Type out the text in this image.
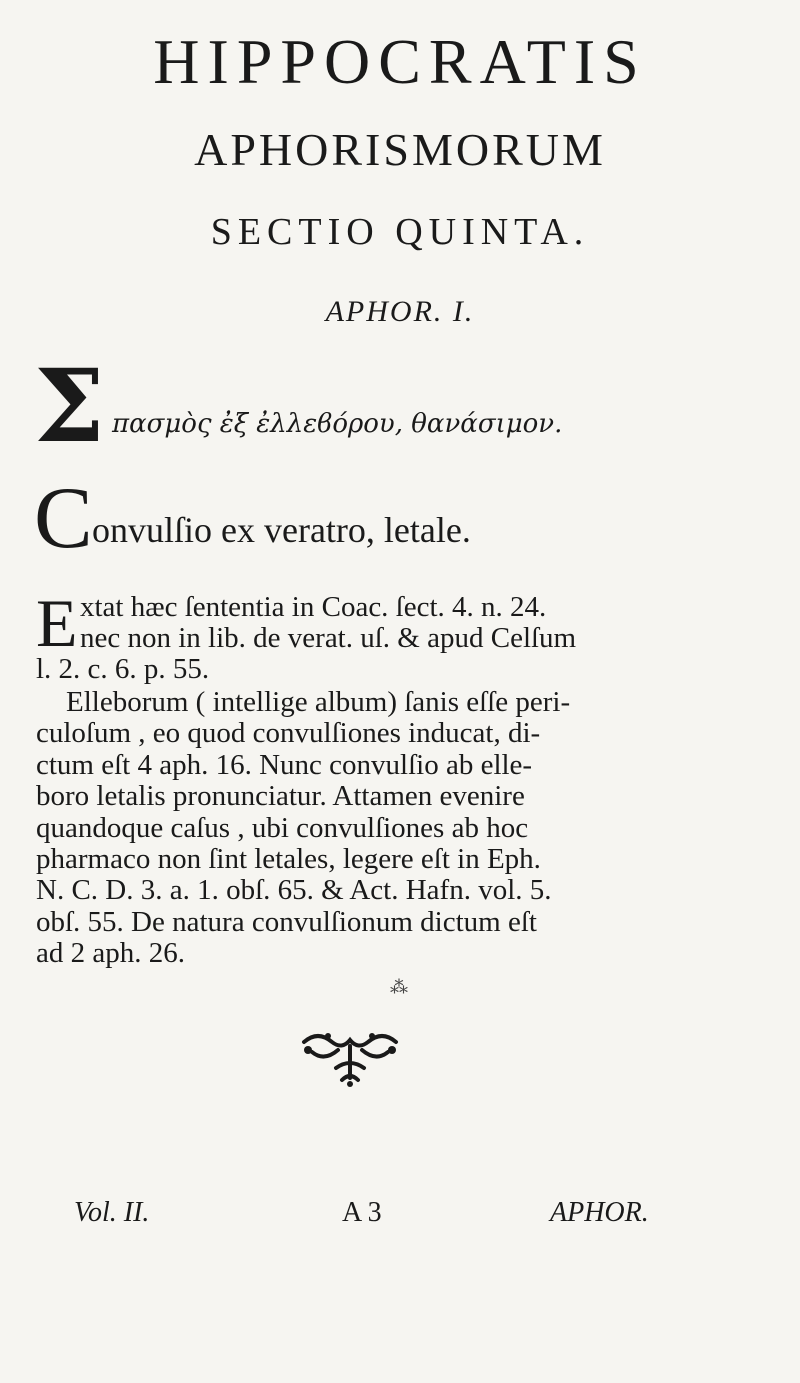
HIPPOCRATIS
APHORISMORUM
SECTIO QUINTA.
APHOR. I.
Σ πασμὸς ἐξ ἐλλεϐόρου, θανάσιμον.
C onvulſio ex veratro, letale.
E xtat hæc ſententia in Coac. ſect. 4. n. 24.
nec non in lib. de verat. uſ. & apud Celſum
l. 2. c. 6. p. 55.
Elleborum ( intellige album) ſanis eſſe peri-
culoſum , eo quod convulſiones inducat, di-
ctum eſt 4 aph. 16. Nunc convulſio ab elle-
boro letalis pronunciatur. Attamen evenire
quandoque caſus , ubi convulſiones ab hoc
pharmaco non ſint letales, legere eſt in Eph.
N. C. D. 3. a. 1. obſ. 65. & Act. Hafn. vol. 5.
obſ. 55. De natura convulſionum dictum eſt
ad 2 aph. 26.
⁂
Vol. II.	A 3	APHOR.
